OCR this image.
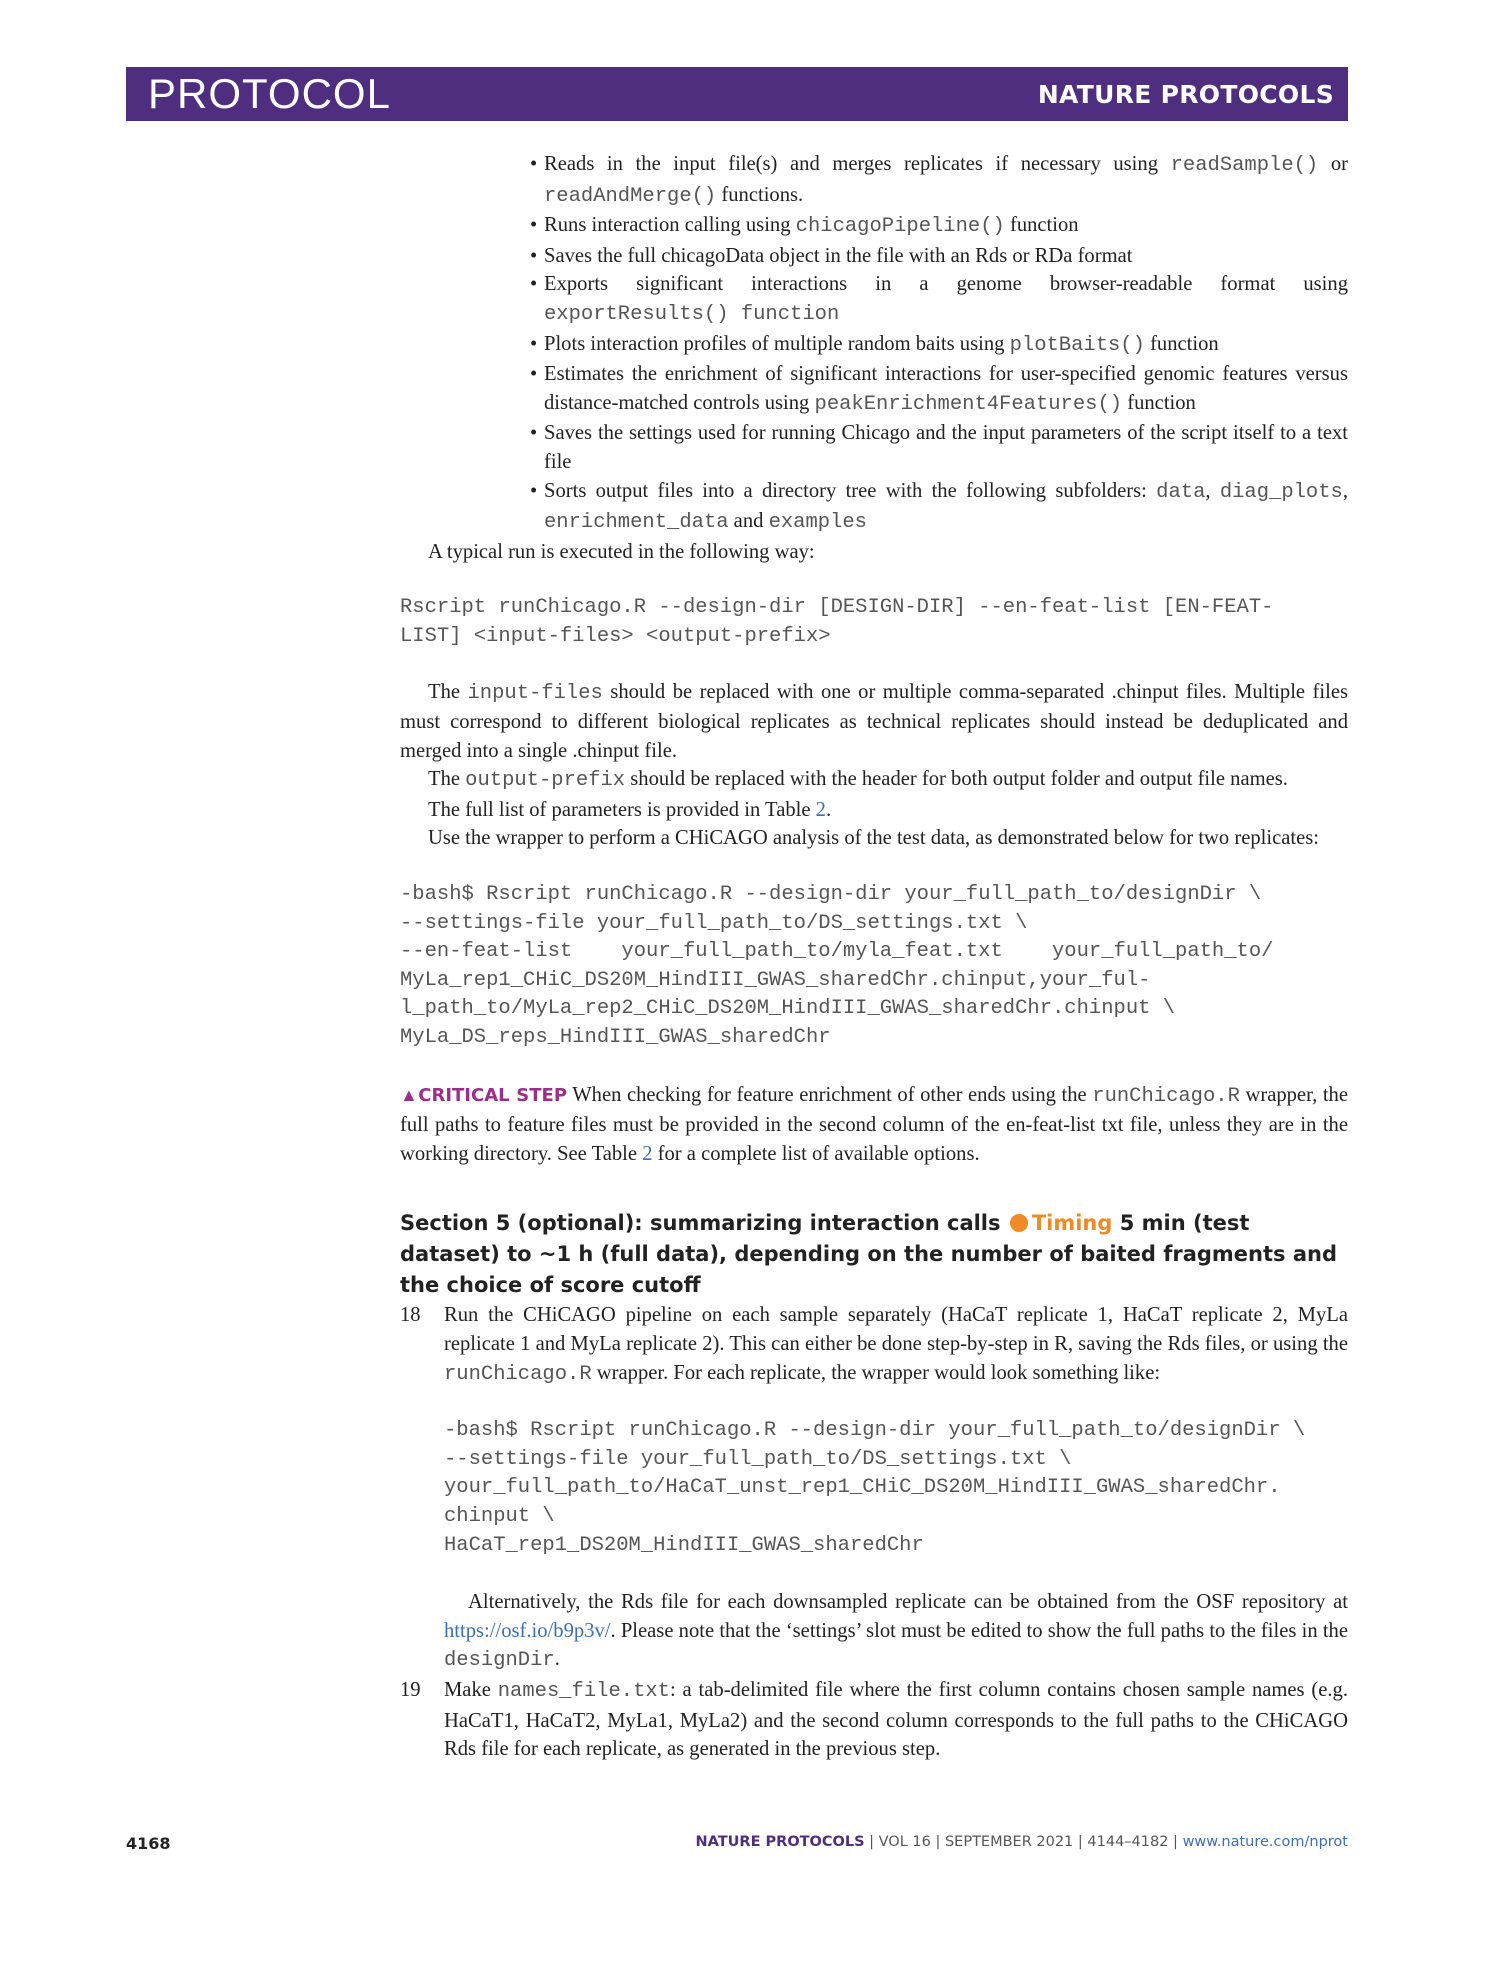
PROTOCOL	NATURE PROTOCOLS
• Reads in the input file(s) and merges replicates if necessary using readSample() or readAndMerge() functions.
• Runs interaction calling using chicagoPipeline() function
• Saves the full chicagoData object in the file with an Rds or RDa format
• Exports significant interactions in a genome browser-readable format using exportResults() function
• Plots interaction profiles of multiple random baits using plotBaits() function
• Estimates the enrichment of significant interactions for user-specified genomic features versus distance-matched controls using peakEnrichment4Features() function
• Saves the settings used for running Chicago and the input parameters of the script itself to a text file
• Sorts output files into a directory tree with the following subfolders: data, diag_plots, enrichment_data and examples

A typical run is executed in the following way:

Rscript runChicago.R --design-dir [DESIGN-DIR] --en-feat-list [EN-FEAT-
LIST] <input-files> <output-prefix>

The input-files should be replaced with one or multiple comma-separated .chinput files. Multiple files must correspond to different biological replicates as technical replicates should instead be deduplicated and merged into a single .chinput file.

The output-prefix should be replaced with the header for both output folder and output file names.

The full list of parameters is provided in Table 2.

Use the wrapper to perform a CHiCAGO analysis of the test data, as demonstrated below for two replicates:

-bash$ Rscript runChicago.R --design-dir your_full_path_to/designDir \
--settings-file your_full_path_to/DS_settings.txt \
--en-feat-list    your_full_path_to/myla_feat.txt    your_full_path_to/
MyLa_rep1_CHiC_DS20M_HindIII_GWAS_sharedChr.chinput,your_ful-
l_path_to/MyLa_rep2_CHiC_DS20M_HindIII_GWAS_sharedChr.chinput \
MyLa_DS_reps_HindIII_GWAS_sharedChr

▲CRITICAL STEP When checking for feature enrichment of other ends using the runChicago.R wrapper, the full paths to feature files must be provided in the second column of the en-feat-list txt file, unless they are in the working directory. See Table 2 for a complete list of available options.

Section 5 (optional): summarizing interaction calls Timing 5 min (test dataset) to ~1 h (full data), depending on the number of baited fragments and the choice of score cutoff
18 Run the CHiCAGO pipeline on each sample separately (HaCaT replicate 1, HaCaT replicate 2, MyLa replicate 1 and MyLa replicate 2). This can either be done step-by-step in R, saving the Rds files, or using the runChicago.R wrapper. For each replicate, the wrapper would look something like:
-bash$ Rscript runChicago.R --design-dir your_full_path_to/designDir \
--settings-file your_full_path_to/DS_settings.txt \
your_full_path_to/HaCaT_unst_rep1_CHiC_DS20M_HindIII_GWAS_sharedChr.
chinput \
HaCaT_rep1_DS20M_HindIII_GWAS_sharedChr

Alternatively, the Rds file for each downsampled replicate can be obtained from the OSF repository at https://osf.io/b9p3v/. Please note that the ‘settings’ slot must be edited to show the full paths to the files in the designDir.

19 Make names_file.txt: a tab-delimited file where the first column contains chosen sample names (e.g. HaCaT1, HaCaT2, MyLa1, MyLa2) and the second column corresponds to the full paths to the CHiCAGO Rds file for each replicate, as generated in the previous step.
4168	NATURE PROTOCOLS | VOL 16 | SEPTEMBER 2021 | 4144–4182 | www.nature.com/nprot
